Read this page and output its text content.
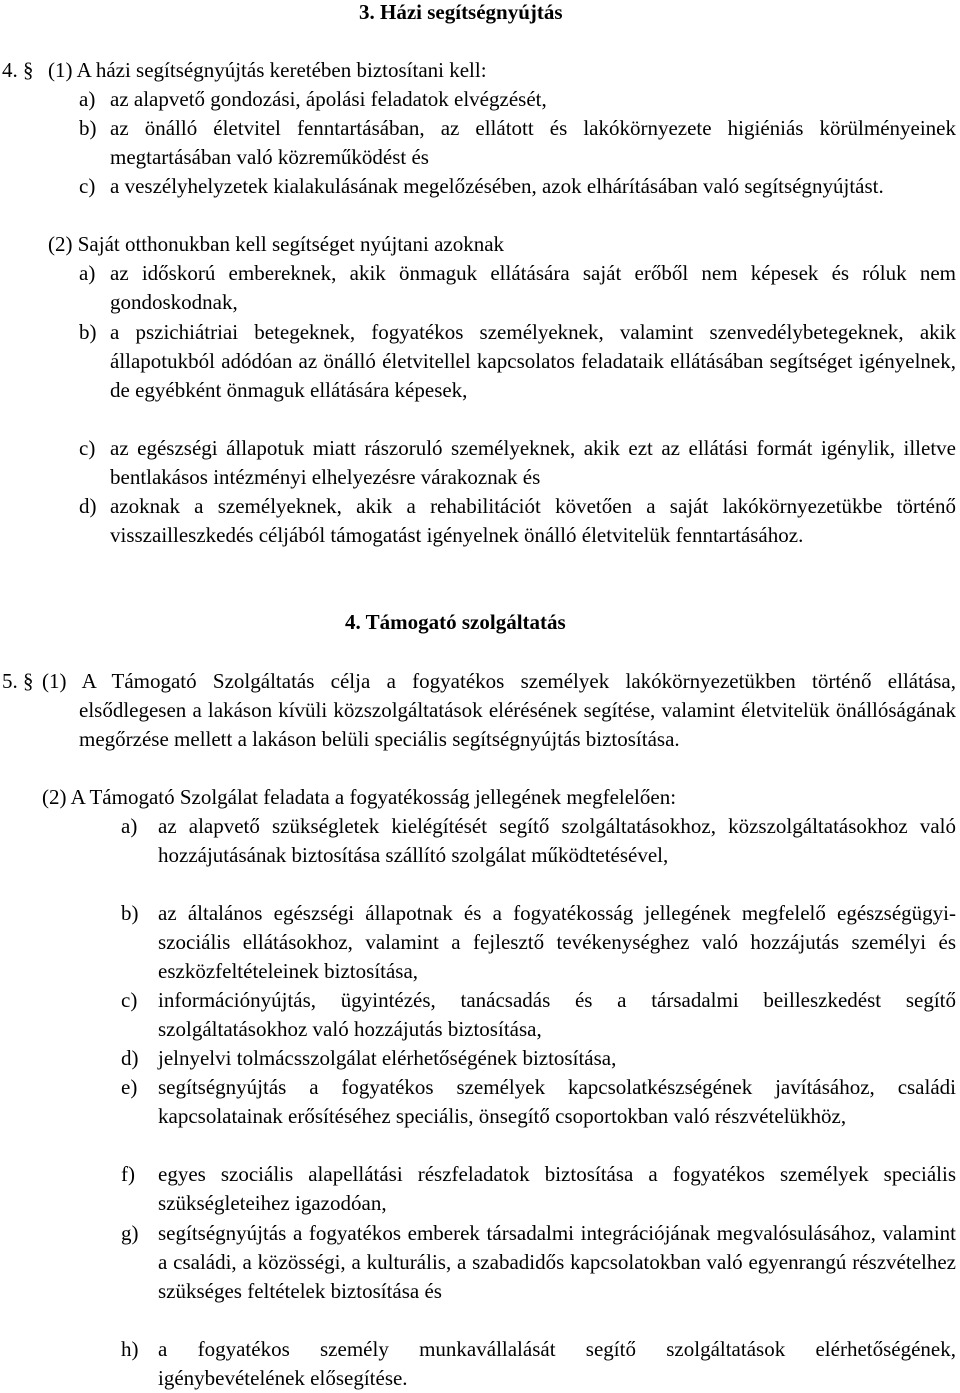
3. Házi segítségnyújtás
4. § (1) A házi segítségnyújtás keretében biztosítani kell:
a) az alapvető gondozási, ápolási feladatok elvégzését,
b) az önálló életvitel fenntartásában, az ellátott és lakókörnyezete higiéniás körülményeinek megtartásában való közreműködést és
c) a veszélyhelyzetek kialakulásának megelőzésében, azok elhárításában való segítségnyújtást.
(2) Saját otthonukban kell segítséget nyújtani azoknak
a) az időskorú embereknek, akik önmaguk ellátására saját erőből nem képesek és róluk nem gondoskodnak,
b) a pszichiátriai betegeknek, fogyatékos személyeknek, valamint szenvedélybetegeknek, akik állapotukból adódóan az önálló életvitellel kapcsolatos feladataik ellátásában segítséget igényelnek, de egyébként önmaguk ellátására képesek,
c) az egészségi állapotuk miatt rászoruló személyeknek, akik ezt az ellátási formát igénylik, illetve bentlakásos intézményi elhelyezésre várakoznak és
d) azoknak a személyeknek, akik a rehabilitációt követően a saját lakókörnyezetükbe történő visszailleszkedés céljából támogatást igényelnek önálló életvitelük fenntartásához.
4. Támogató szolgáltatás
5. § (1) A Támogató Szolgáltatás célja a fogyatékos személyek lakókörnyezetükben történő ellátása, elsődlegesen a lakáson kívüli közszolgáltatások elérésének segítése, valamint életvitelük önállóságának megőrzése mellett a lakáson belüli speciális segítségnyújtás biztosítása.
(2) A Támogató Szolgálat feladata a fogyatékosság jellegének megfelelően:
a) az alapvető szükségletek kielégítését segítő szolgáltatásokhoz, közszolgáltatásokhoz való hozzájutásának biztosítása szállító szolgálat működtetésével,
b) az általános egészségi állapotnak és a fogyatékosság jellegének megfelelő egészségügyi-szociális ellátásokhoz, valamint a fejlesztő tevékenységhez való hozzájutás személyi és eszközfeltételeinek biztosítása,
c) információnyújtás, ügyintézés, tanácsadás és a társadalmi beilleszkedést segítő szolgáltatásokhoz való hozzájutás biztosítása,
d) jelnyelvi tolmácsszolgálat elérhetőségének biztosítása,
e) segítségnyújtás a fogyatékos személyek kapcsolatkészségének javításához, családi kapcsolatainak erősítéséhez speciális, önsegítő csoportokban való részvételükhöz,
f) egyes szociális alapellátási részfeladatok biztosítása a fogyatékos személyek speciális szükségleteihez igazodóan,
g) segítségnyújtás a fogyatékos emberek társadalmi integrációjának megvalósulásához, valamint a családi, a közösségi, a kulturális, a szabadidős kapcsolatokban való egyenrangú részvételhez szükséges feltételek biztosítása és
h) a fogyatékos személy munkavállalását segítő szolgáltatások elérhetőségének, igénybevételének elősegítése.
